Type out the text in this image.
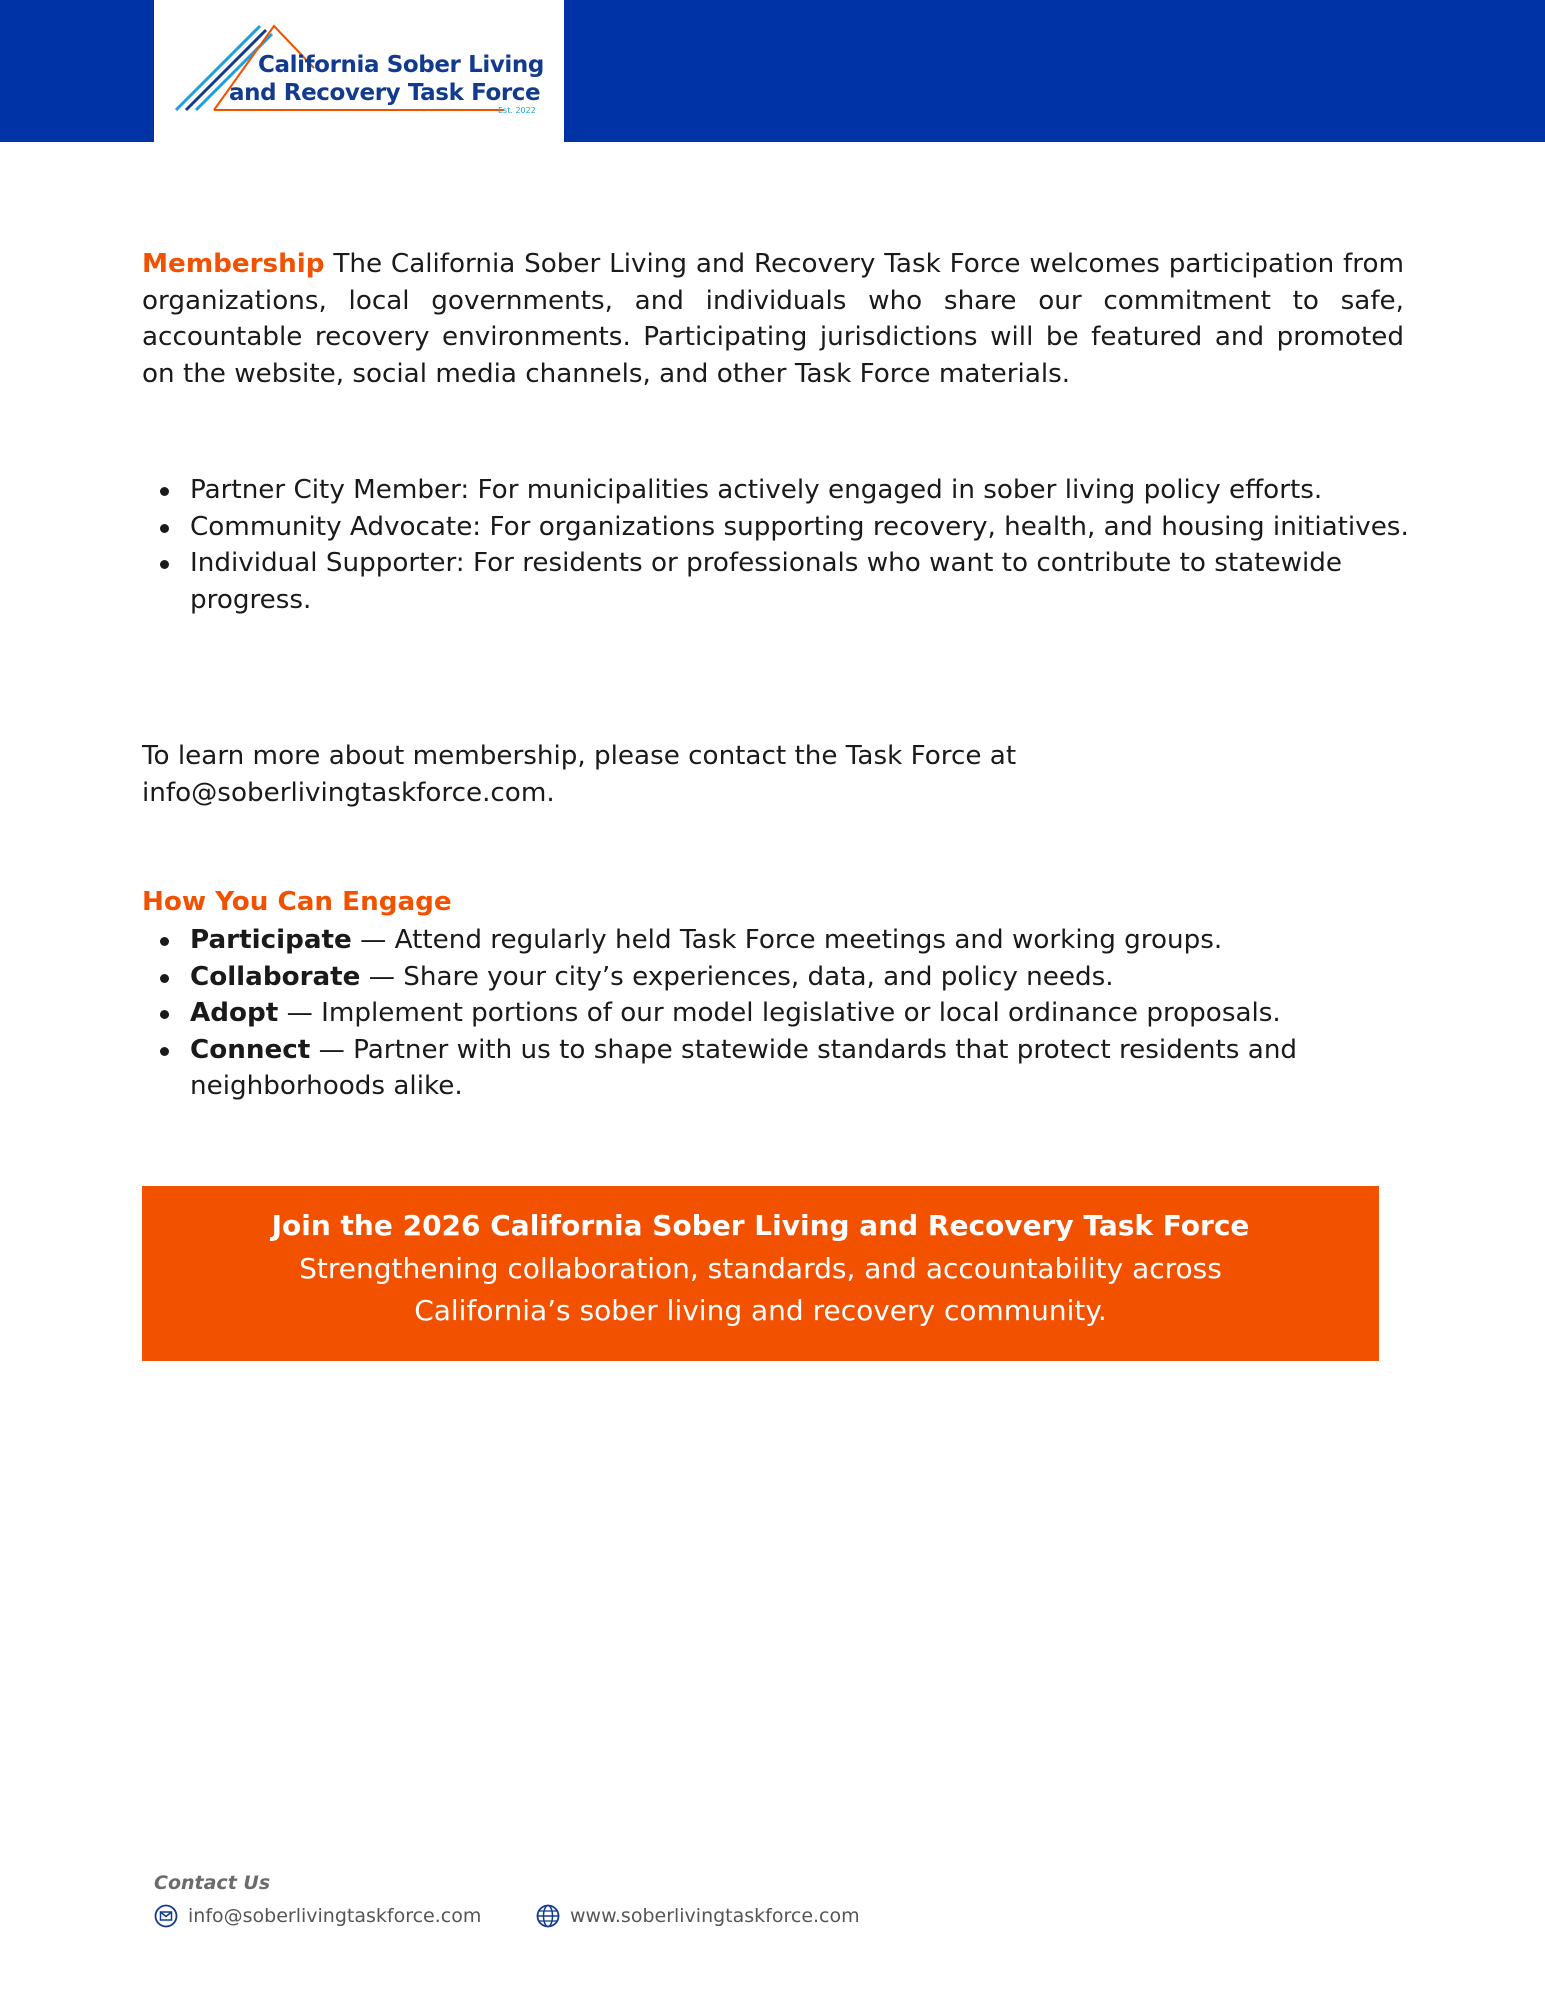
California Sober Living
and Recovery Task Force
Est. 2022
Membership The California Sober Living and Recovery Task Force welcomes participation from organizations, local governments, and individuals who share our commitment to safe, accountable recovery environments. Participating jurisdictions will be featured and promoted on the website, social media channels, and other Task Force materials.
Partner City Member: For municipalities actively engaged in sober living policy efforts.
Community Advocate: For organizations supporting recovery, health, and housing initiatives.
Individual Supporter: For residents or professionals who want to contribute to statewide progress.
To learn more about membership, please contact the Task Force at
info@soberlivingtaskforce.com.
How You Can Engage
Participate — Attend regularly held Task Force meetings and working groups.
Collaborate — Share your city’s experiences, data, and policy needs.
Adopt — Implement portions of our model legislative or local ordinance proposals.
Connect — Partner with us to shape statewide standards that protect residents and neighborhoods alike.
Join the 2026 California Sober Living and Recovery Task Force
Strengthening collaboration, standards, and accountability across California’s sober living and recovery community.
Contact Us
info@soberlivingtaskforce.com	www.soberlivingtaskforce.com
